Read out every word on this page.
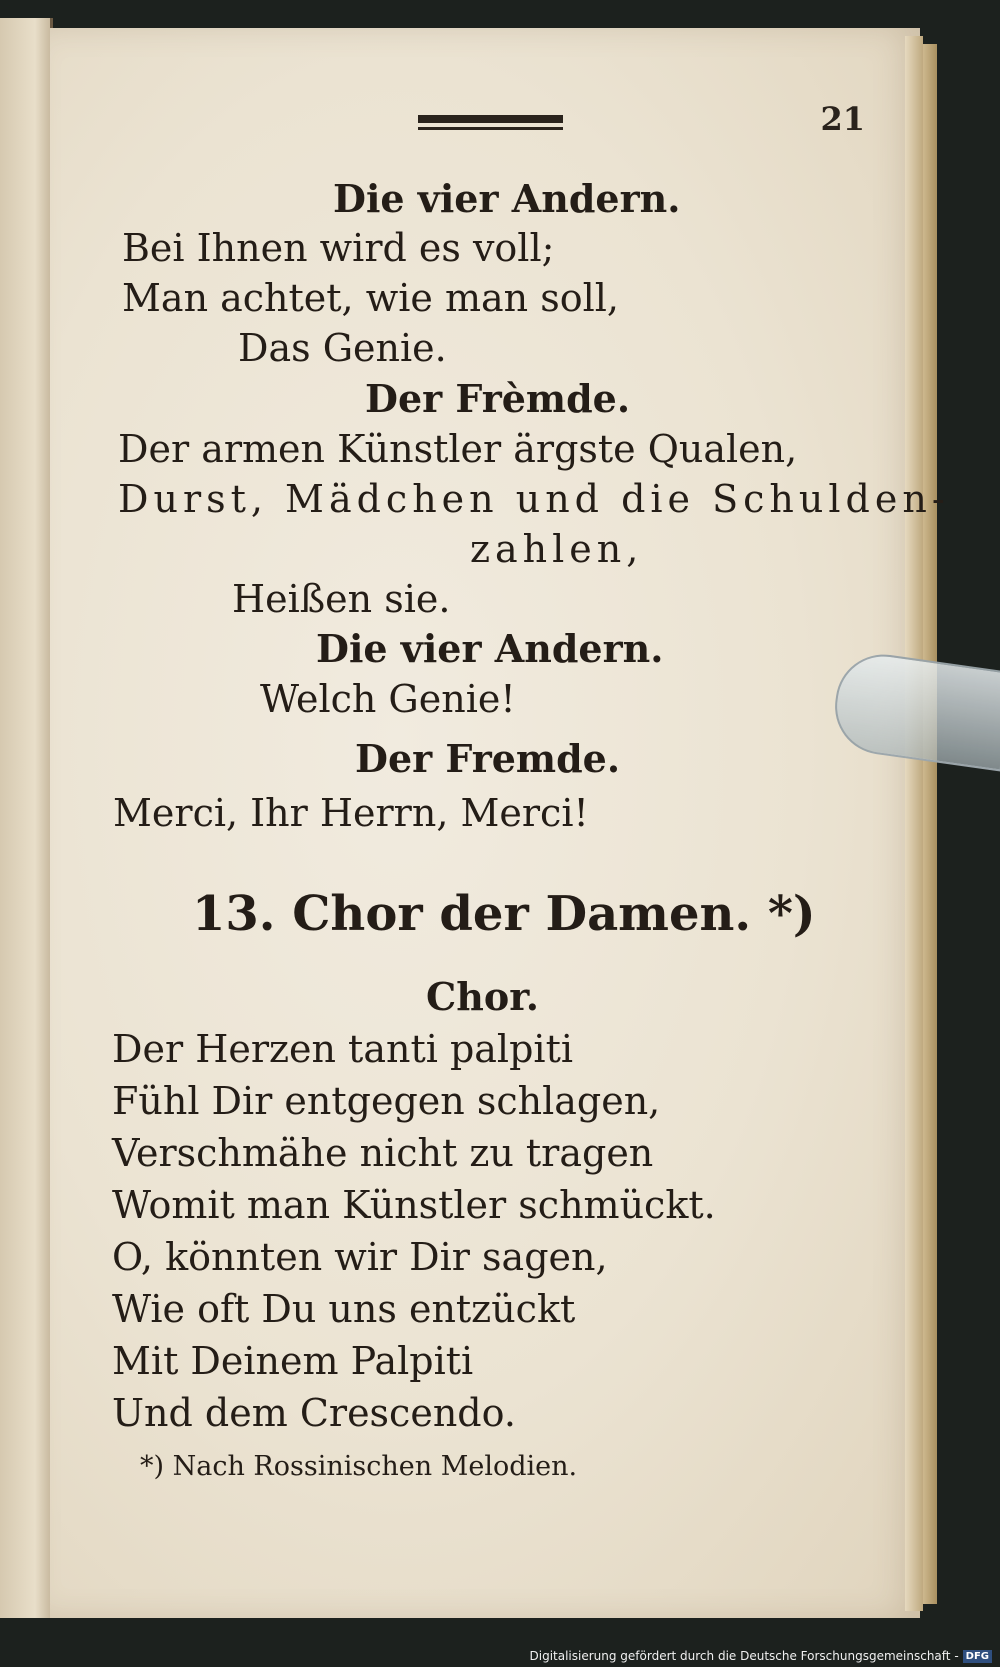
21
Die vier Andern.
Bei Ihnen wird es voll;
Man achtet, wie man soll,
Das Genie.
Der Frèmde.
Der armen Künstler ärgste Qualen,
Durst, Mädchen und die Schulden-
zahlen,
Heißen sie.
Die vier Andern.
Welch Genie!
Der Fremde.
Merci, Ihr Herrn, Merci!
13. Chor der Damen. *)
Chor.
Der Herzen tanti palpiti
Fühl Dir entgegen schlagen,
Verschmähe nicht zu tragen
Womit man Künstler schmückt.
O, könnten wir Dir sagen,
Wie oft Du uns entzückt
Mit Deinem Palpiti
Und dem Crescendo.
*) Nach Rossinischen Melodien.
Digitalisierung gefördert durch die Deutsche Forschungsgemeinschaft - DFG
